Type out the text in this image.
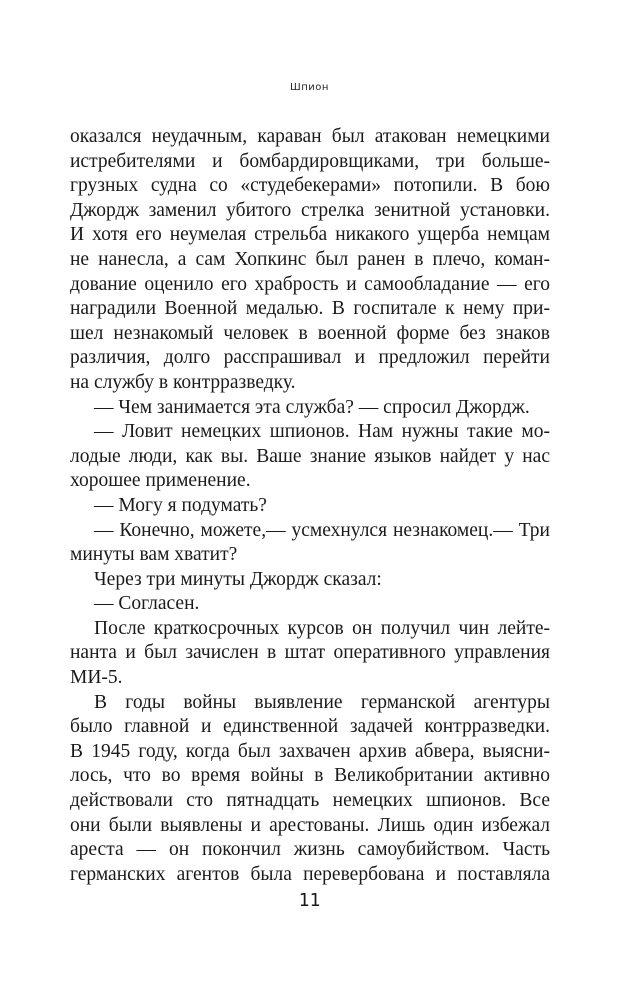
Шпион

оказался неудачным, караван был атакован немецкими

истребителями и бомбардировщиками, три больше-

грузных судна со «студебекерами» потопили. В бою

Джордж заменил убитого стрелка зенитной установки.

И хотя его неумелая стрельба никакого ущерба немцам

не нанесла, а сам Хопкинс был ранен в плечо, коман-

дование оценило его храбрость и самообладание — его

наградили Военной медалью. В госпитале к нему при-

шел незнакомый человек в военной форме без знаков

различия, долго расспрашивал и предложил перейти

на службу в контрразведку.

— Чем занимается эта служба? — спросил Джордж.

— Ловит немецких шпионов. Нам нужны такие мо-

лодые люди, как вы. Ваше знание языков найдет у нас

хорошее применение.

— Могу я подумать?

— Конечно, можете,— усмехнулся незнакомец.— Три

минуты вам хватит?

Через три минуты Джордж сказал:

— Согласен.

После краткосрочных курсов он получил чин лейте-

нанта и был зачислен в штат оперативного управления

МИ-5.

В годы войны выявление германской агентуры

было главной и единственной задачей контрразведки.

В 1945 году, когда был захвачен архив абвера, выясни-

лось, что во время войны в Великобритании активно

действовали сто пятнадцать немецких шпионов. Все

они были выявлены и арестованы. Лишь один избежал

ареста — он покончил жизнь самоубийством. Часть

германских агентов была перевербована и поставляла

11
